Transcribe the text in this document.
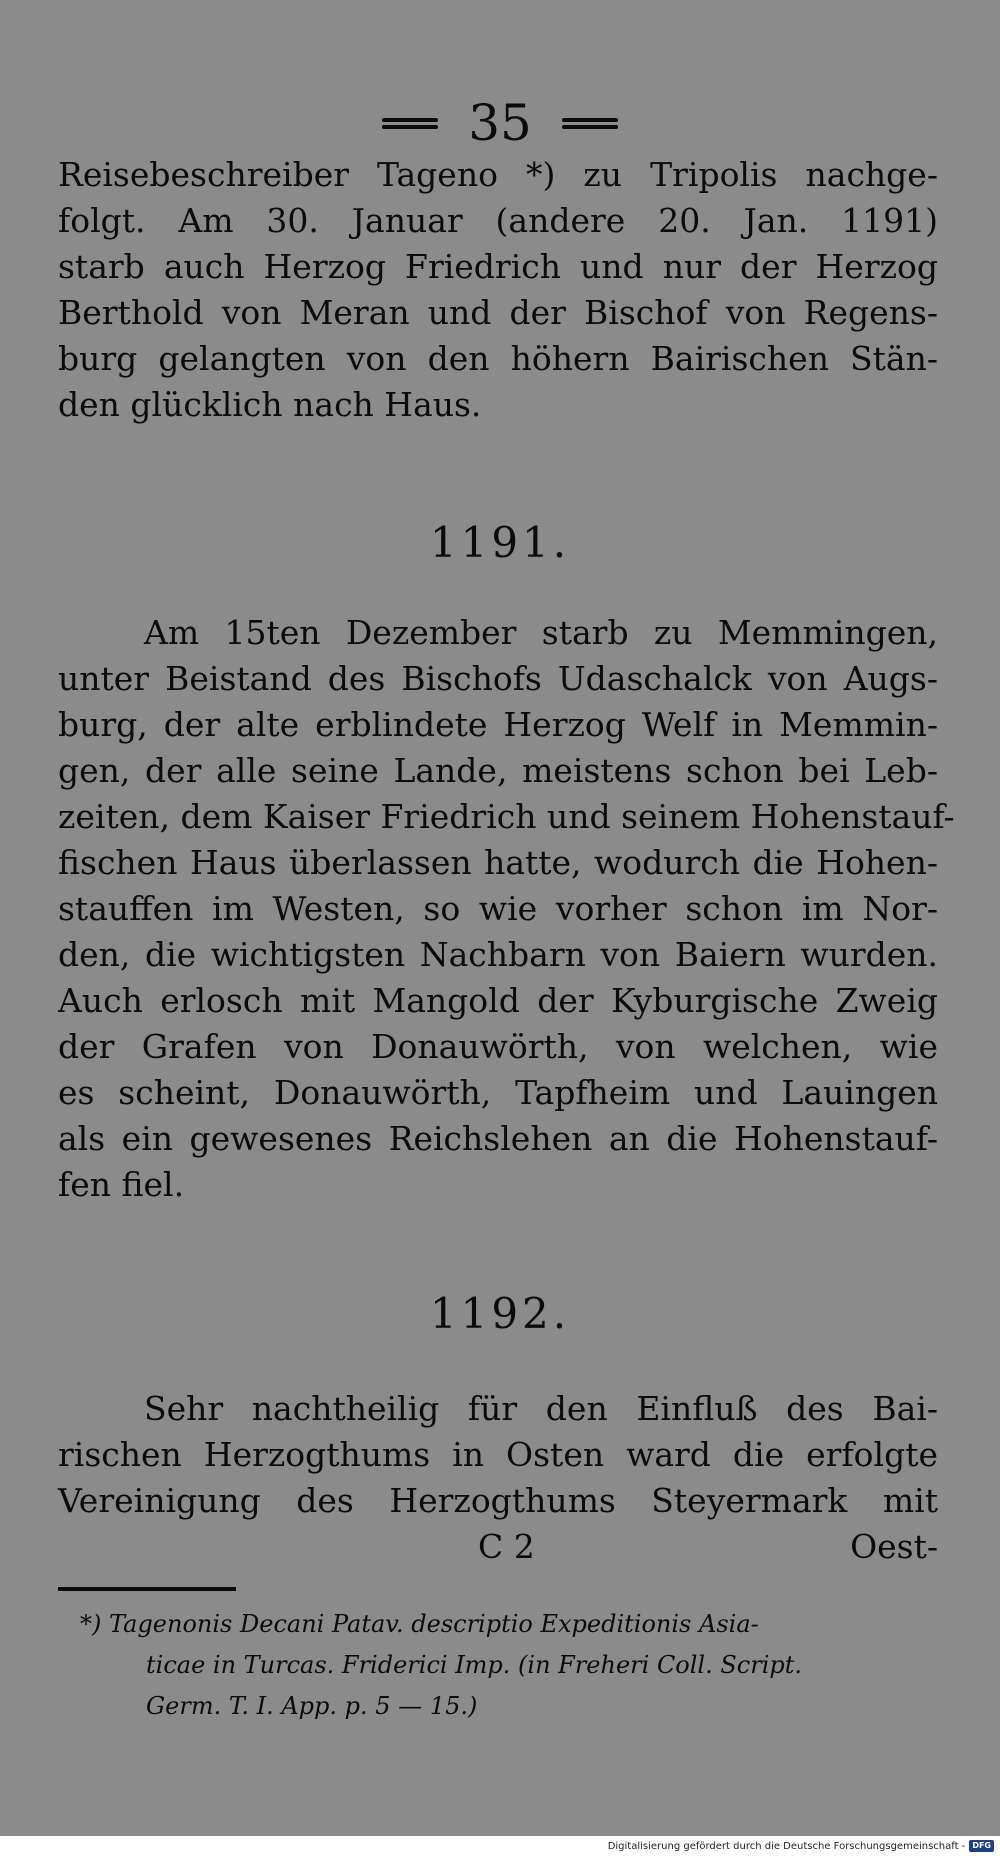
35
Reisebeschreiber Tageno *) zu Tripolis nachge-
folgt. Am 30. Januar (andere 20. Jan. 1191)
starb auch Herzog Friedrich und nur der Herzog
Berthold von Meran und der Bischof von Regens-
burg gelangten von den höhern Bairischen Stän-
den glücklich nach Haus.
1191.
Am 15ten Dezember starb zu Memmingen,
unter Beistand des Bischofs Udaschalck von Augs-
burg, der alte erblindete Herzog Welf in Memmin-
gen, der alle seine Lande, meistens schon bei Leb-
zeiten, dem Kaiser Friedrich und seinem Hohenstauf-
fischen Haus überlassen hatte, wodurch die Hohen-
stauffen im Westen, so wie vorher schon im Nor-
den, die wichtigsten Nachbarn von Baiern wurden.
Auch erlosch mit Mangold der Kyburgische Zweig
der Grafen von Donauwörth, von welchen, wie
es scheint, Donauwörth, Tapfheim und Lauingen
als ein gewesenes Reichslehen an die Hohenstauf-
fen fiel.
1192.
Sehr nachtheilig für den Einfluß des Bai-
rischen Herzogthums in Osten ward die erfolgte
Vereinigung des Herzogthums Steyermark mit
C 2	Oest-
*) Tagenonis Decani Patav. descriptio Expeditionis Asia-
ticae in Turcas. Friderici Imp. (in Freheri Coll. Script.
Germ. T. I. App. p. 5 — 15.)
Digitalisierung gefördert durch die Deutsche Forschungsgemeinschaft - DFG
